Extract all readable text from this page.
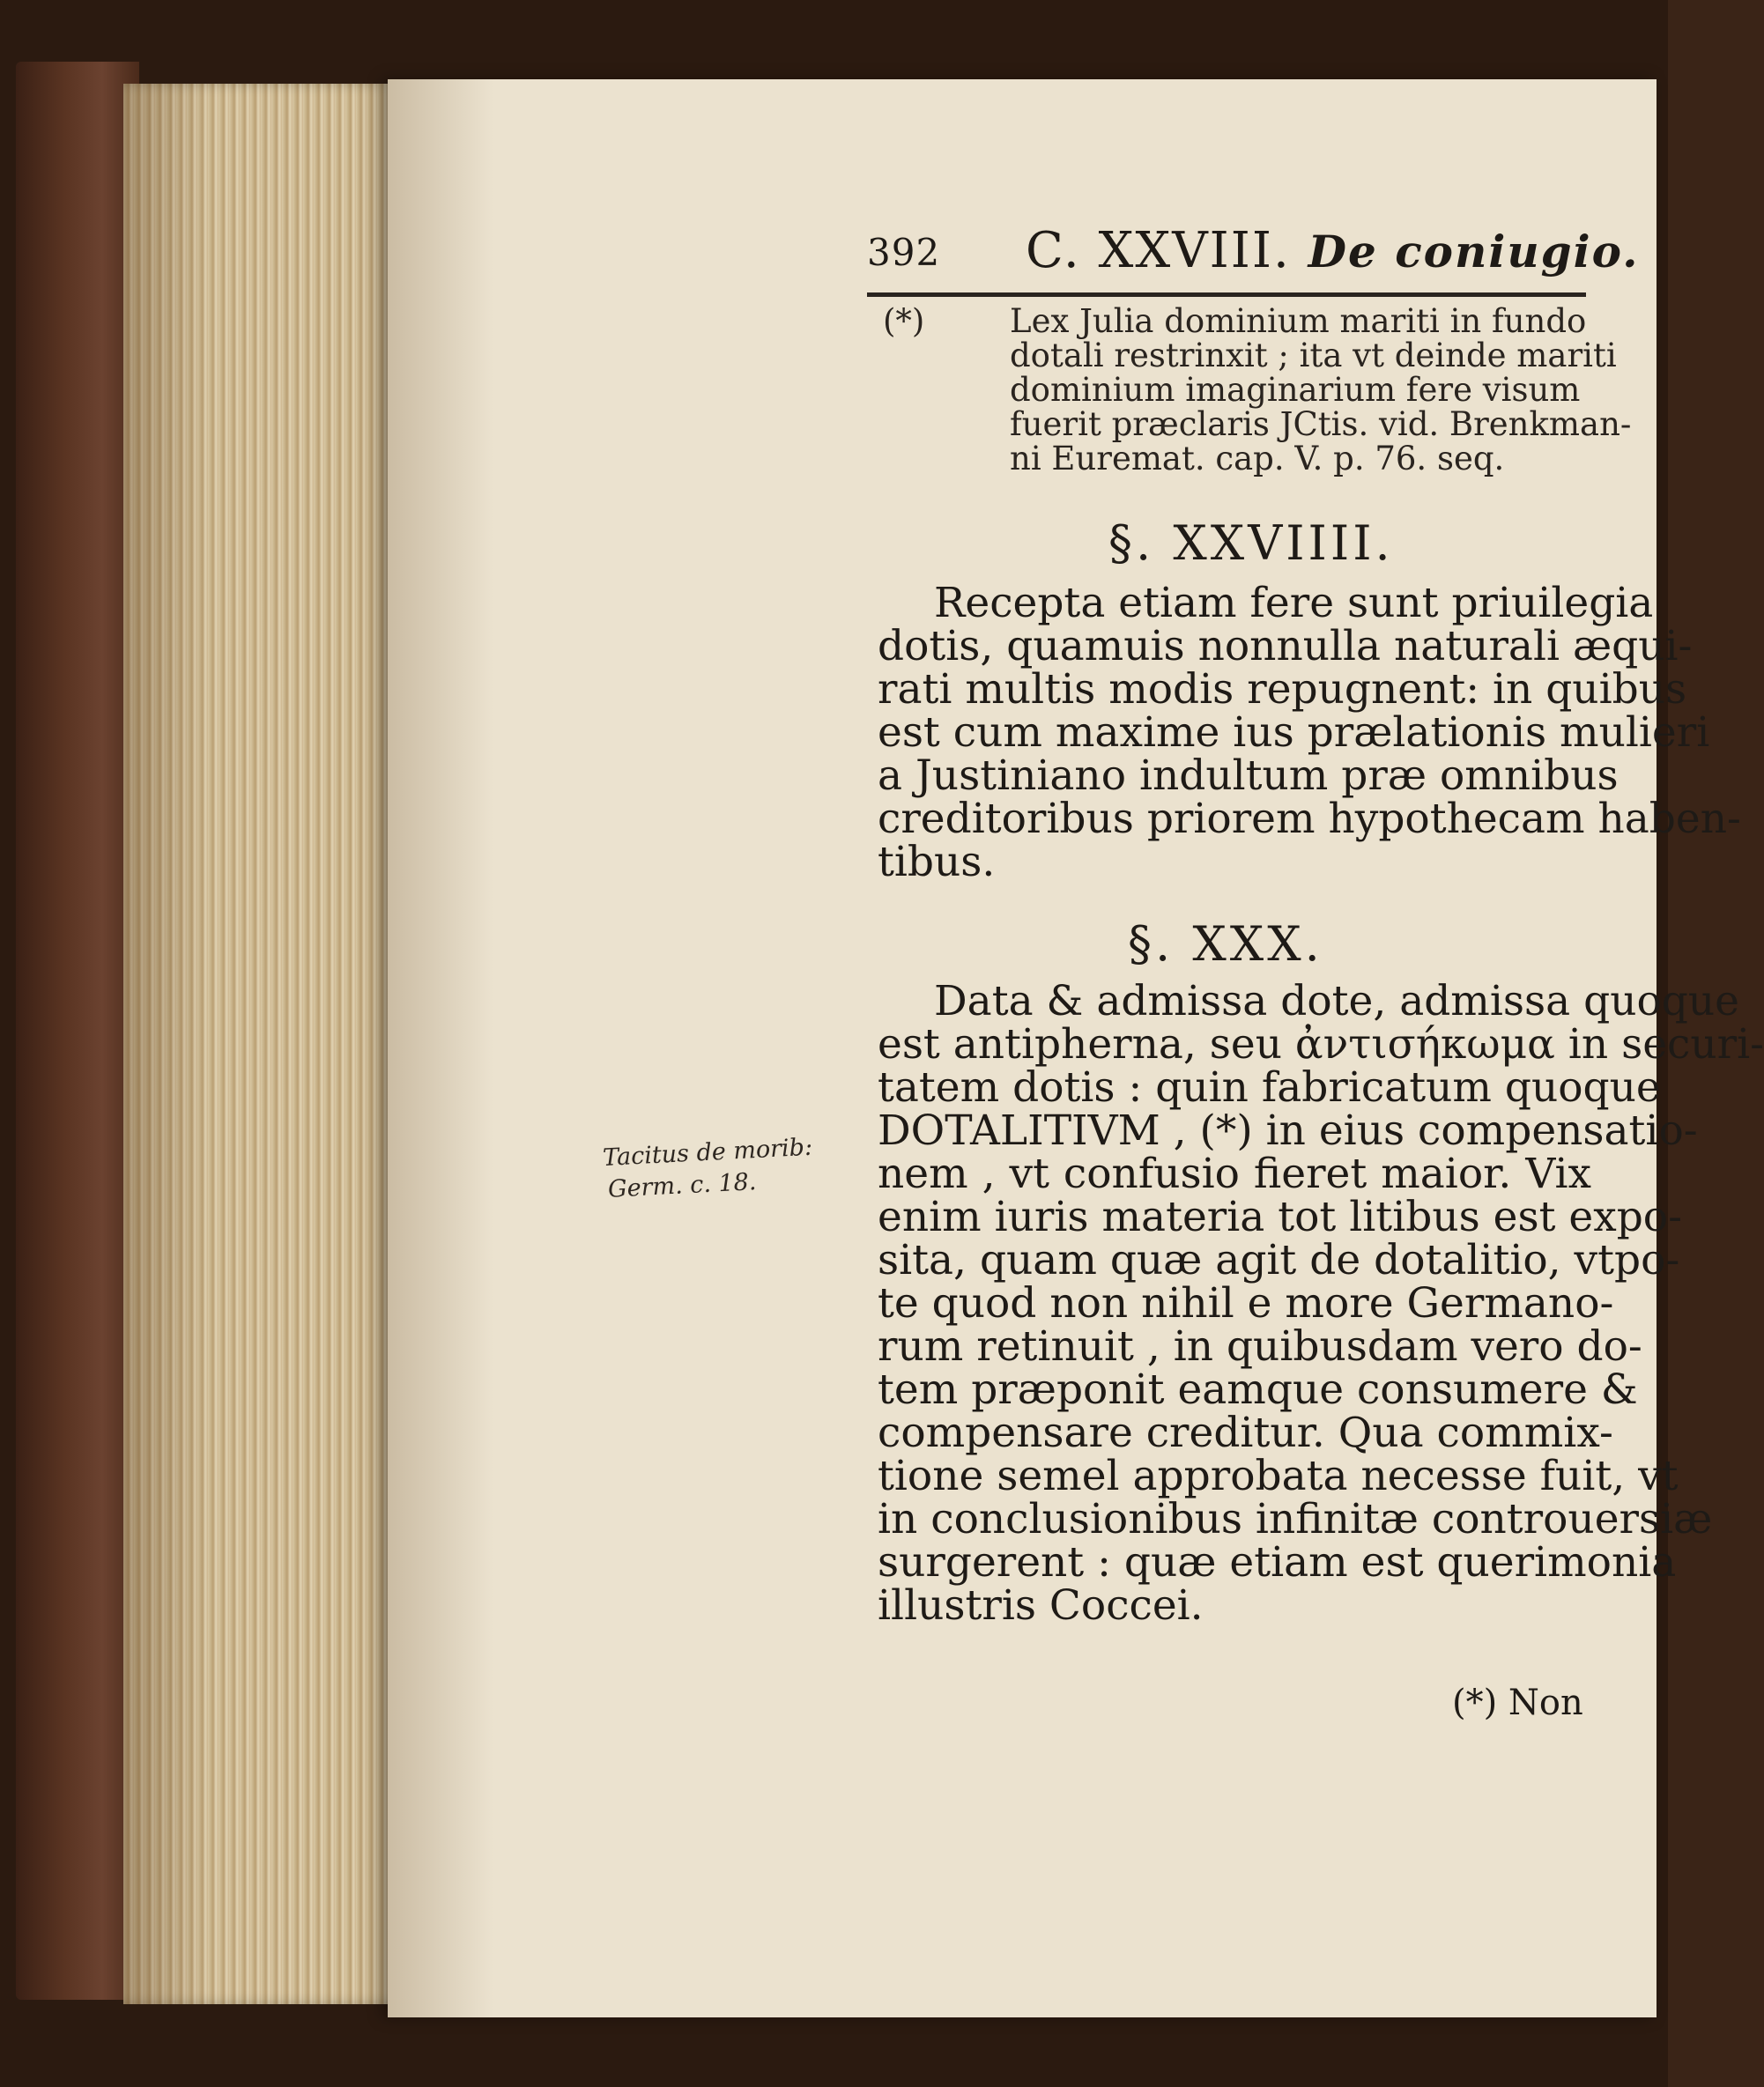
392 C. XXVIII. De coniugio.
(*)	Lex Julia dominium mariti in fundo
dotali restrinxit ; ita vt deinde mariti
dominium imaginarium fere visum
fuerit præclaris JCtis. vid. Brenkman-
ni Euremat. cap. V. p. 76. seq.
§. XXVIIII.
Recepta etiam fere sunt priuilegia
dotis, quamuis nonnulla naturali æqui-
rati multis modis repugnent: in quibus
est cum maxime ius prælationis mulieri
a Justiniano indultum præ omnibus
creditoribus priorem hypothecam haben-
tibus.
§. XXX.
Data & admissa dote, admissa quoque
est antipherna, seu ἀντισήκωμα in securi-
tatem dotis : quin fabricatum quoque
DOTALITIVM , (*) in eius compensatio-
nem , vt confusio fieret maior. Vix
enim iuris materia tot litibus est expo-
sita, quam quæ agit de dotalitio, vtpo-
te quod non nihil e more Germano-
rum retinuit , in quibusdam vero do-
tem præponit eamque consumere &
compensare creditur. Qua commix-
tione semel approbata necesse fuit, vt
in conclusionibus infinitæ controuersiæ
surgerent : quæ etiam est querimonia
illustris Coccei.
(*) Non
Tacitus de morib:
Germ. c. 18.
